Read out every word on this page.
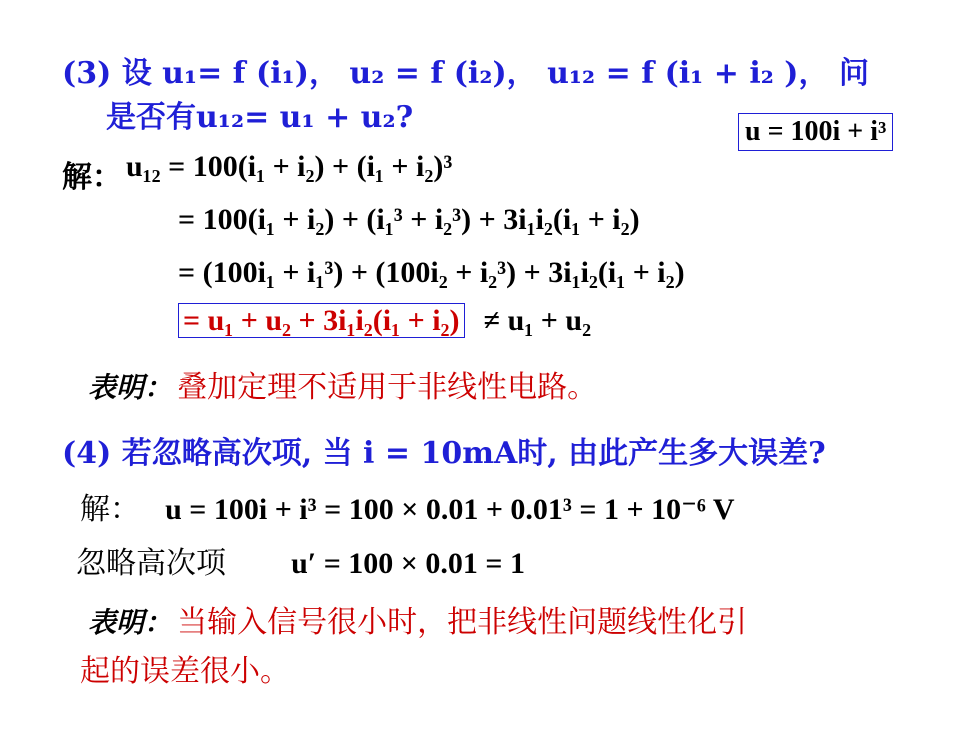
(3) 设 u₁= f (i₁)， u₂ = f (i₂)， u₁₂ = f (i₁ + i₂ )， 问
是否有u₁₂= u₁ + u₂?	u = 100i + i³
解： u₁₂ = 100(i₁ + i₂) + (i₁ + i₂)³
= 100(i₁ + i₂) + (i₁³ + i₂³) + 3i₁i₂(i₁ + i₂)
= (100i₁ + i₁³) + (100i₂ + i₂³) + 3i₁i₂(i₁ + i₂)
= u₁ + u₂ + 3i₁i₂(i₁ + i₂) ≠ u₁ + u₂
表明： 叠加定理不适用于非线性电路。
(4) 若忽略高次项, 当 i = 10mA时, 由此产生多大误差?
解： u = 100i + i³ = 100 × 0.01 + 0.01³ = 1 + 10⁻⁶ V
忽略高次项 u′ = 100 × 0.01 = 1
表明： 当输入信号很小时，把非线性问题线性化引
起的误差很小。
